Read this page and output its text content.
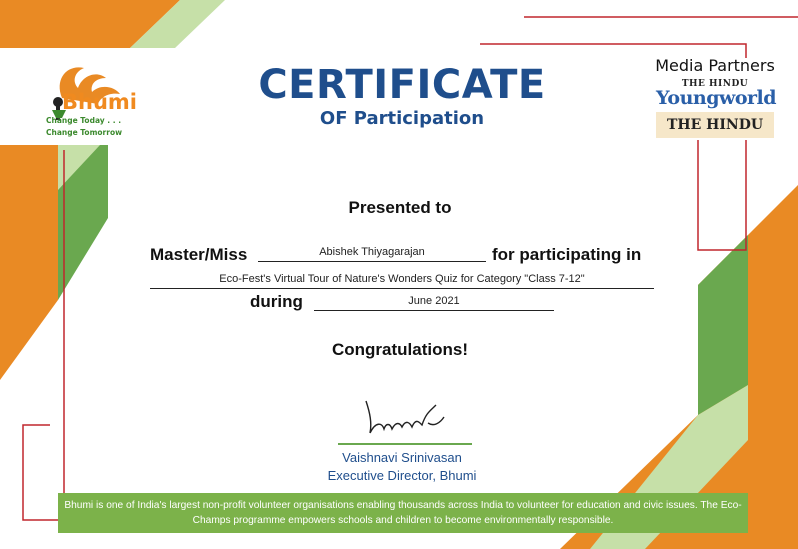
Bhumi
Change Today . . .
Change Tomorrow
CERTIFICATE
OF Participation
Media Partners
THE HINDU
Youngworld
THE HINDU
Presented to
Master/Miss	Abishek Thiyagarajan	for participating in
Eco-Fest's Virtual Tour of Nature's Wonders Quiz for Category "Class 7-12"
during	June 2021
Congratulations!
Vaishnavi Srinivasan
Executive Director, Bhumi
Bhumi is one of India's largest non-profit volunteer organisations enabling thousands across India to volunteer for education and civic issues. The Eco-Champs programme empowers schools and children to become environmentally responsible.
